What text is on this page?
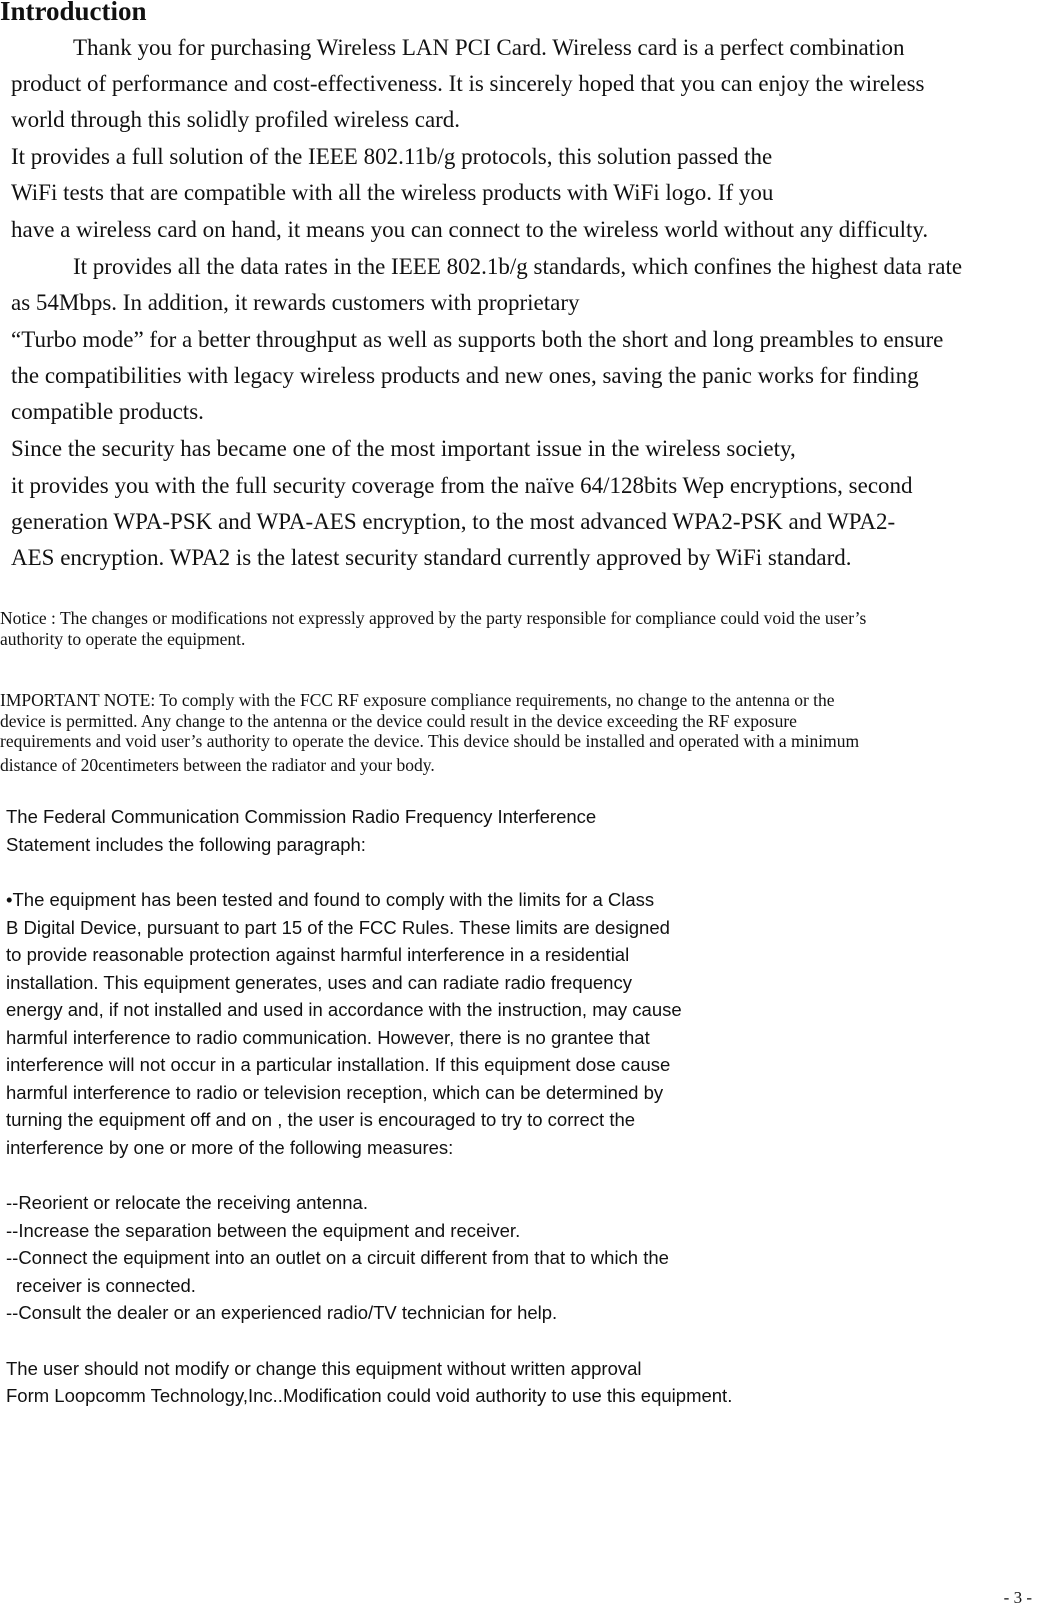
Introduction
Thank you for purchasing Wireless LAN PCI Card. Wireless card is a perfect combination
product of performance and cost-effectiveness. It is sincerely hoped that you can enjoy the wireless
world through this solidly profiled wireless card.
It provides a full solution of the IEEE 802.11b/g protocols, this solution passed the
WiFi tests that are compatible with all the wireless products with WiFi logo. If you
have a wireless card on hand, it means you can connect to the wireless world without any difficulty.
It provides all the data rates in the IEEE 802.1b/g standards, which confines the highest data rate
as 54Mbps. In addition, it rewards customers with proprietary
“Turbo mode” for a better throughput as well as supports both the short and long preambles to ensure
the compatibilities with legacy wireless products and new ones, saving the panic works for finding
compatible products.
Since the security has became one of the most important issue in the wireless society,
it provides you with the full security coverage from the naïve 64/128bits Wep encryptions, second
generation WPA-PSK and WPA-AES encryption, to the most advanced WPA2-PSK and WPA2-
AES encryption. WPA2 is the latest security standard currently approved by WiFi standard.
Notice : The changes or modifications not expressly approved by the party responsible for compliance could void the user’s
authority to operate the equipment.
IMPORTANT NOTE: To comply with the FCC RF exposure compliance requirements, no change to the antenna or the
device is permitted. Any change to the antenna or the device could result in the device exceeding the RF exposure
requirements and void user’s authority to operate the device. This device should be installed and operated with a minimum
distance of 20centimeters between the radiator and your body.
The Federal Communication Commission Radio Frequency Interference
Statement includes the following paragraph:
•The equipment has been tested and found to comply with the limits for a Class
B Digital Device, pursuant to part 15 of the FCC Rules. These limits are designed
to provide reasonable protection against harmful interference in a residential
installation. This equipment generates, uses and can radiate radio frequency
energy and, if not installed and used in accordance with the instruction, may cause
harmful interference to radio communication. However, there is no grantee that
interference will not occur in a particular installation. If this equipment dose cause
harmful interference to radio or television reception, which can be determined by
turning the equipment off and on , the user is encouraged to try to correct the
interference by one or more of the following measures:
--Reorient or relocate the receiving antenna.
--Increase the separation between the equipment and receiver.
--Connect the equipment into an outlet on a circuit different from that to which the
receiver is connected.
--Consult the dealer or an experienced radio/TV technician for help.
The user should not modify or change this equipment without written approval
Form Loopcomm Technology,Inc..Modification could void authority to use this equipment.
- 3 -
